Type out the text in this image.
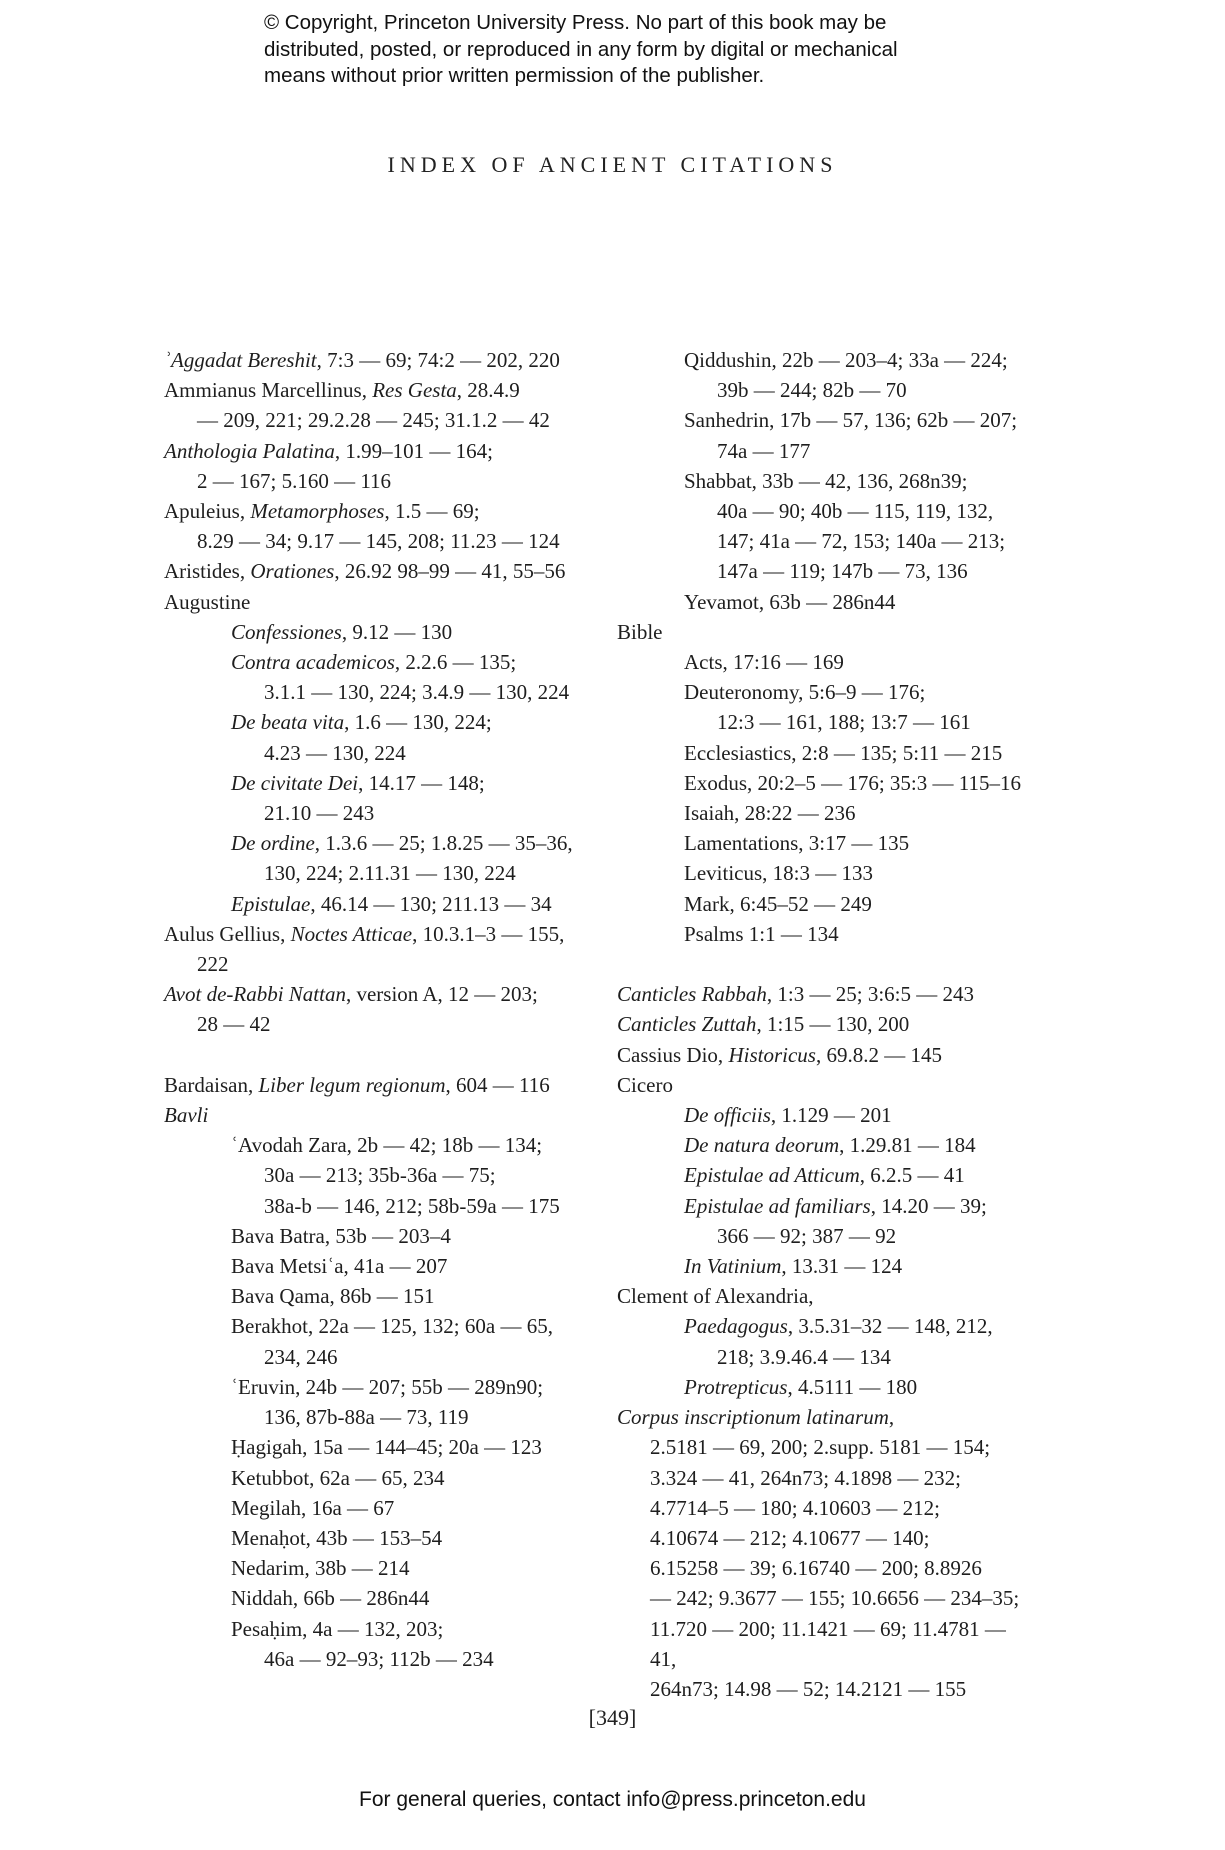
© Copyright, Princeton University Press. No part of this book may be

distributed, posted, or reproduced in any form by digital or mechanical

means without prior written permission of the publisher.

INDEX OF ANCIENT CITATIONS
ʾAggadat Bereshit, 7:3 — 69; 74:2 — 202, 220
Ammianus Marcellinus, Res Gesta, 28.4.9
— 209, 221; 29.2.28 — 245; 31.1.2 — 42
Anthologia Palatina, 1.99–101 — 164;
2 — 167; 5.160 — 116
Apuleius, Metamorphoses, 1.5 — 69;
8.29 — 34; 9.17 — 145, 208; 11.23 — 124
Aristides, Orationes, 26.92 98–99 — 41, 55–56
Augustine
Confessiones, 9.12 — 130
Contra academicos, 2.2.6 — 135;
3.1.1 — 130, 224; 3.4.9 — 130, 224
De beata vita, 1.6 — 130, 224;
4.23 — 130, 224
De civitate Dei, 14.17 — 148;
21.10 — 243
De ordine, 1.3.6 — 25; 1.8.25 — 35–36,
130, 224; 2.11.31 — 130, 224
Epistulae, 46.14 — 130; 211.13 — 34
Aulus Gellius, Noctes Atticae, 10.3.1–3 — 155,
222
Avot de-Rabbi Nattan, version A, 12 — 203;
28 — 42
Bardaisan, Liber legum regionum, 604 — 116
Bavli
ʿAvodah Zara, 2b — 42; 18b — 134;
30a — 213; 35b-36a — 75;
38a-b — 146, 212; 58b-59a — 175
Bava Batra, 53b — 203–4
Bava Metsiʿa, 41a — 207
Bava Qama, 86b — 151
Berakhot, 22a — 125, 132; 60a — 65,
234, 246
ʿEruvin, 24b — 207; 55b — 289n90;
136, 87b-88a — 73, 119
Ḥagigah, 15a — 144–45; 20a — 123
Ketubbot, 62a — 65, 234
Megilah, 16a — 67
Menaḥot, 43b — 153–54
Nedarim, 38b — 214
Niddah, 66b — 286n44
Pesaḥim, 4a — 132, 203;
46a — 92–93; 112b — 234
Qiddushin, 22b — 203–4; 33a — 224;
39b — 244; 82b — 70
Sanhedrin, 17b — 57, 136; 62b — 207;
74a — 177
Shabbat, 33b — 42, 136, 268n39;
40a — 90; 40b — 115, 119, 132,
147; 41a — 72, 153; 140a — 213;
147a — 119; 147b — 73, 136
Yevamot, 63b — 286n44
Bible
Acts, 17:16 — 169
Deuteronomy, 5:6–9 — 176;
12:3 — 161, 188; 13:7 — 161
Ecclesiastics, 2:8 — 135; 5:11 — 215
Exodus, 20:2–5 — 176; 35:3 — 115–16
Isaiah, 28:22 — 236
Lamentations, 3:17 — 135
Leviticus, 18:3 — 133
Mark, 6:45–52 — 249
Psalms 1:1 — 134
Canticles Rabbah, 1:3 — 25; 3:6:5 — 243
Canticles Zuttah, 1:15 — 130, 200
Cassius Dio, Historicus, 69.8.2 — 145
Cicero
De officiis, 1.129 — 201
De natura deorum, 1.29.81 — 184
Epistulae ad Atticum, 6.2.5 — 41
Epistulae ad familiars, 14.20 — 39;
366 — 92; 387 — 92
In Vatinium, 13.31 — 124
Clement of Alexandria,
Paedagogus, 3.5.31–32 — 148, 212,
218; 3.9.46.4 — 134
Protrepticus, 4.5111 — 180
Corpus inscriptionum latinarum,
2.5181 — 69, 200; 2.supp. 5181 — 154;
3.324 — 41, 264n73; 4.1898 — 232;
4.7714–5 — 180; 4.10603 — 212;
4.10674 — 212; 4.10677 — 140;
6.15258 — 39; 6.16740 — 200; 8.8926
— 242; 9.3677 — 155; 10.6656 — 234–35;
11.720 — 200; 11.1421 — 69; 11.4781 — 41,
264n73; 14.98 — 52; 14.2121 — 155
[349]
For general queries, contact info@press.princeton.edu
